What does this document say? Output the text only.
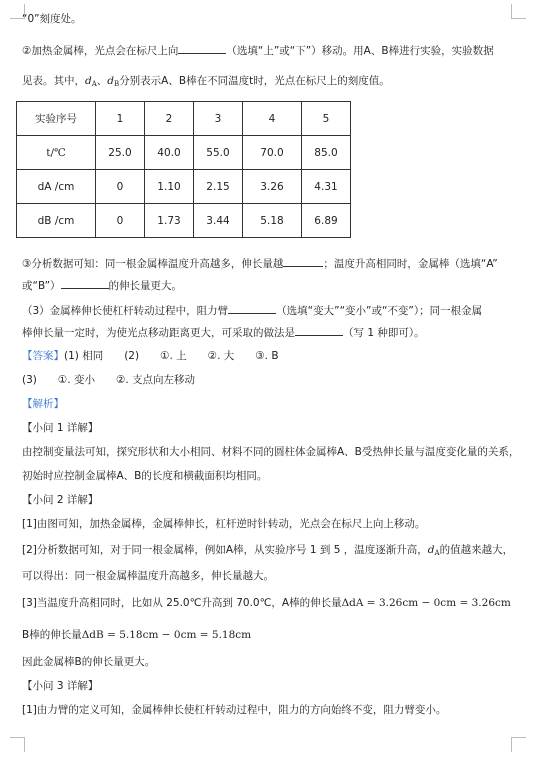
“0”刻度处。
②加热金属棒，光点会在标尺上向	（选填“上”或“下”）移动。用A、B棒进行实验，实验数据
见表。其中，$d_A$、$d_B$分别表示A、B棒在不同温度t时，光点在标尺上的刻度值。
实验序号	1	2	3	4	5
t/℃	25.0	40.0	55.0	70.0	85.0
dA /cm	0	1.10	2.15	3.26	4.31
dB /cm	0	1.73	3.44	5.18	6.89
③分析数据可知：同一根金属棒温度升高越多，伸长量越	；温度升高相同时，金属棒（选填“A”
或“B”）	的伸长量更大。
（3）金属棒伸长使杠杆转动过程中，阻力臂	（选填“变大”“变小”或“不变”）；同一根金属
棒伸长量一定时，为使光点移动距离更大，可采取的做法是	（写 1 种即可）。
【答案】(1) 相同　　(2)　　①. 上　　②. 大　　③. B
(3)　　①. 变小　　②. 支点向左移动
【解析】
【小问 1 详解】
由控制变量法可知，探究形状和大小相同、材料不同的圆柱体金属棒A、B受热伸长量与温度变化量的关系，
初始时应控制金属棒A、B的长度和横截面积均相同。
【小问 2 详解】
[1]由图可知，加热金属棒，金属棒伸长，杠杆逆时针转动，光点会在标尺上向上移动。
[2]分析数据可知，对于同一根金属棒，例如A棒，从实验序号 1 到 5 ，温度逐渐升高，$d_A$的值越来越大，
可以得出：同一根金属棒温度升高越多，伸长量越大。
[3]当温度升高相同时，比如从 25.0℃升高到 70.0℃，A棒的伸长量ΔdA = 3.26cm − 0cm = 3.26cm
B棒的伸长量ΔdB = 5.18cm − 0cm = 5.18cm
因此金属棒B的伸长量更大。
【小问 3 详解】
[1]由力臂的定义可知，金属棒伸长使杠杆转动过程中，阻力的方向始终不变，阻力臂变小。
